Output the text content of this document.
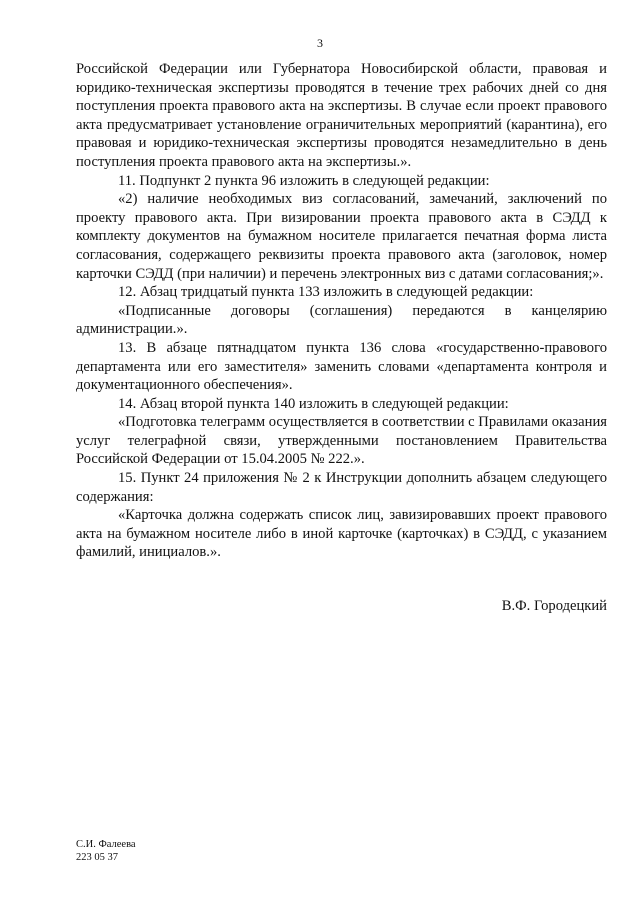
3

Российской Федерации или Губернатора Новосибирской области, правовая и юридико-техническая экспертизы проводятся в течение трех рабочих дней со дня поступления проекта правового акта на экспертизы. В случае если проект правового акта предусматривает установление ограничительных мероприятий (карантина), его правовая и юридико-техническая экспертизы проводятся незамедлительно в день поступления проекта правового акта на экспертизы.».

11. Подпункт 2 пункта 96 изложить в следующей редакции:

«2) наличие необходимых виз согласований, замечаний, заключений по проекту правового акта. При визировании проекта правового акта в СЭДД к комплекту документов на бумажном носителе прилагается печатная форма листа согласования, содержащего реквизиты проекта правового акта (заголовок, номер карточки СЭДД (при наличии) и перечень электронных виз с датами согласования;».

12. Абзац тридцатый пункта 133 изложить в следующей редакции:

«Подписанные договоры (соглашения) передаются в канцелярию администрации.».

13. В абзаце пятнадцатом пункта 136 слова «государственно-правового департамента или его заместителя» заменить словами «департамента контроля и документационного обеспечения».

14. Абзац второй пункта 140 изложить в следующей редакции:

«Подготовка телеграмм осуществляется в соответствии с Правилами оказания услуг телеграфной связи, утвержденными постановлением Правительства Российской Федерации от 15.04.2005 № 222.».

15. Пункт 24 приложения № 2 к Инструкции дополнить абзацем следующего содержания:

«Карточка должна содержать список лиц, завизировавших проект правового акта на бумажном носителе либо в иной карточке (карточках) в СЭДД, с указанием фамилий, инициалов.».

В.Ф. Городецкий
С.И. Фалеева
223 05 37
